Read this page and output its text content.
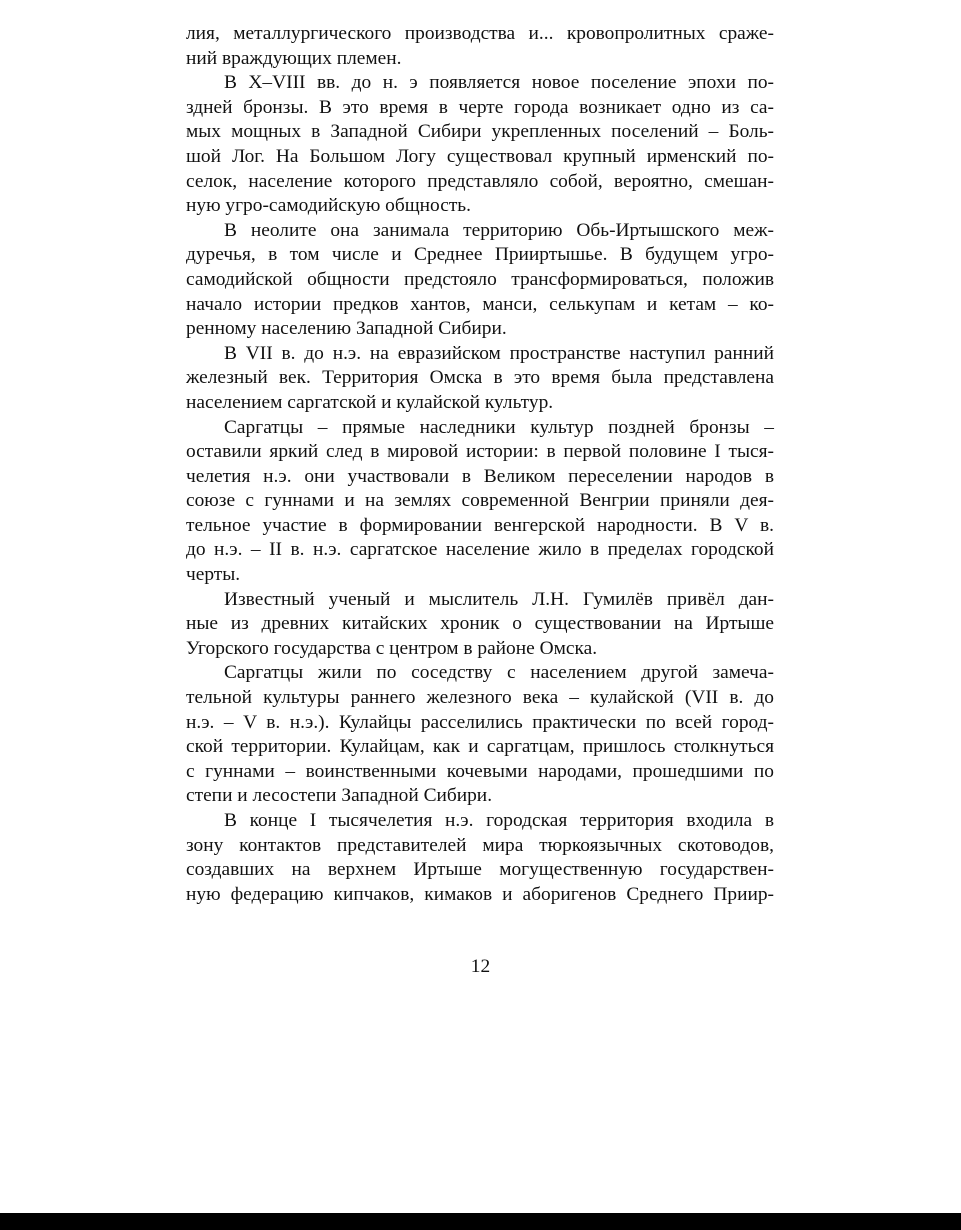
лия, металлургического производства и... кровопролитных сраже-
ний враждующих племен.

В X–VIII вв. до н. э появляется новое поселение эпохи по-
здней бронзы. В это время в черте города возникает одно из са-
мых мощных в Западной Сибири укрепленных поселений – Боль-
шой Лог. На Большом Логу существовал крупный ирменский по-
селок, население которого представляло собой, вероятно, смешан-
ную угро-самодийскую общность.

В неолите она занимала территорию Обь-Иртышского меж-
дуречья, в том числе и Среднее Прииртышье. В будущем угро-
самодийской общности предстояло трансформироваться, положив
начало истории предков хантов, манси, селькупам и кетам – ко-
ренному населению Западной Сибири.

В VII в. до н.э. на евразийском пространстве наступил ранний
железный век. Территория Омска в это время была представлена
населением саргатской и кулайской культур.

Саргатцы – прямые наследники культур поздней бронзы –
оставили яркий след в мировой истории: в первой половине I тыся-
челетия н.э. они участвовали в Великом переселении народов в
союзе с гуннами и на землях современной Венгрии приняли дея-
тельное участие в формировании венгерской народности. В V в.
до н.э. – II в. н.э. саргатское население жило в пределах городской
черты.

Известный ученый и мыслитель Л.Н. Гумилёв привёл дан-
ные из древних китайских хроник о существовании на Иртыше
Угорского государства с центром в районе Омска.

Саргатцы жили по соседству с населением другой замеча-
тельной культуры раннего железного века – кулайской (VII в. до
н.э. – V в. н.э.). Кулайцы расселились практически по всей город-
ской территории. Кулайцам, как и саргатцам, пришлось столкнуться
с гуннами – воинственными кочевыми народами, прошедшими по
степи и лесостепи Западной Сибири.

В конце I тысячелетия н.э. городская территория входила в
зону контактов представителей мира тюркоязычных скотоводов,
создавших на верхнем Иртыше могущественную государствен-
ную федерацию кипчаков, кимаков и аборигенов Среднего Приир-

12
